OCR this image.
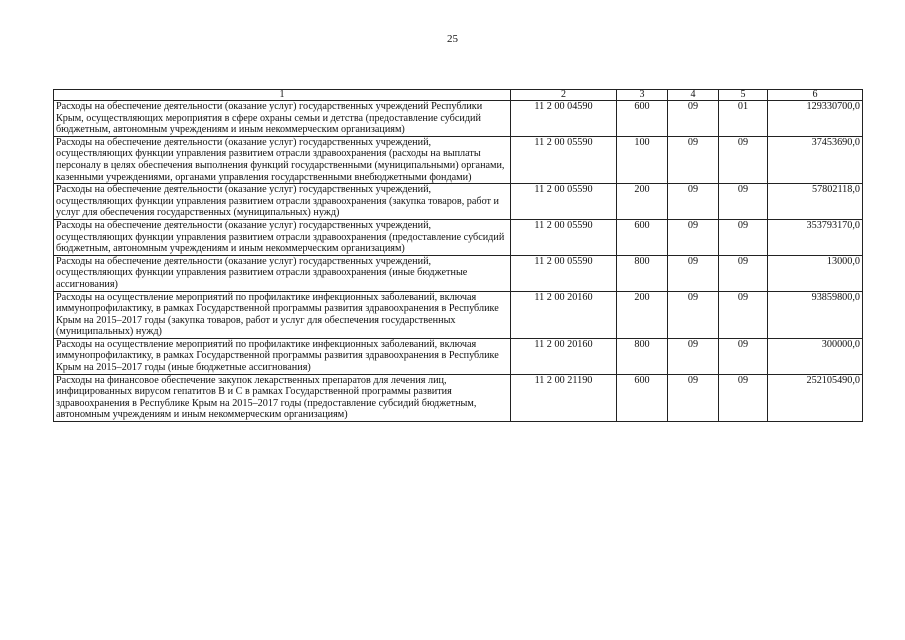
25
1	2	3	4	5	6
Расходы на обеспечение деятельности (оказание услуг) государственных учреждений Республики Крым, осуществляющих мероприятия в сфере охраны семьи и детства (предоставление субсидий бюджетным, автономным учреждениям и иным некоммерческим организациям)	11 2 00 04590	600	09	01	129330700,0
Расходы на обеспечение деятельности (оказание услуг) государственных учреждений, осуществляющих функции управления развитием отрасли здравоохранения (расходы на выплаты персоналу в целях обеспечения выполнения функций государственными (муниципальными) органами, казенными учреждениями, органами управления государственными внебюджетными фондами)	11 2 00 05590	100	09	09	37453690,0
Расходы на обеспечение деятельности (оказание услуг) государственных учреждений, осуществляющих функции управления развитием отрасли здравоохранения (закупка товаров, работ и услуг для обеспечения государственных (муниципальных) нужд)	11 2 00 05590	200	09	09	57802118,0
Расходы на обеспечение деятельности (оказание услуг) государственных учреждений, осуществляющих функции управления развитием отрасли здравоохранения (предоставление субсидий бюджетным, автономным учреждениям и иным некоммерческим организациям)	11 2 00 05590	600	09	09	353793170,0
Расходы на обеспечение деятельности (оказание услуг) государственных учреждений, осуществляющих функции управления развитием отрасли здравоохранения (иные бюджетные ассигнования)	11 2 00 05590	800	09	09	13000,0
Расходы на осуществление мероприятий по профилактике инфекционных заболеваний, включая иммунопрофилактику, в рамках Государственной программы развития здравоохранения в Республике Крым на 2015–2017 годы (закупка товаров, работ и услуг для обеспечения государственных (муниципальных) нужд)	11 2 00 20160	200	09	09	93859800,0
Расходы на осуществление мероприятий по профилактике инфекционных заболеваний, включая иммунопрофилактику, в рамках Государственной программы развития здравоохранения в Республике Крым на 2015–2017 годы (иные бюджетные ассигнования)	11 2 00 20160	800	09	09	300000,0
Расходы на финансовое обеспечение закупок лекарственных препаратов для лечения лиц, инфицированных вирусом гепатитов В и С в рамках Государственной программы развития здравоохранения в Республике Крым на 2015–2017 годы (предоставление субсидий бюджетным, автономным учреждениям и иным некоммерческим организациям)	11 2 00 21190	600	09	09	252105490,0
